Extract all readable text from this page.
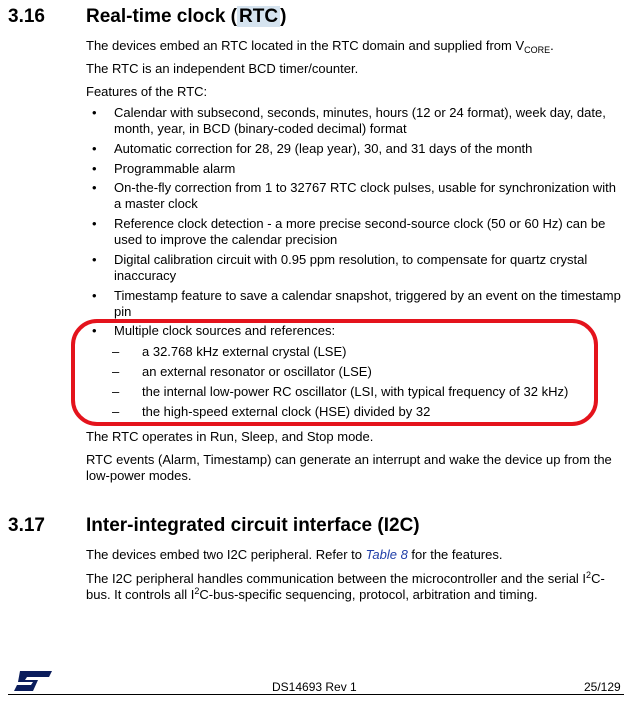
3.16 Real-time clock ( RTC )
The devices embed an RTC located in the RTC domain and supplied from $V_{CORE}$.
The RTC is an independent BCD timer/counter.
Features of the RTC:
• Calendar with subsecond, seconds, minutes, hours (12 or 24 format), week day, date, month, year, in BCD (binary-coded decimal) format
• Automatic correction for 28, 29 (leap year), 30, and 31 days of the month
• Programmable alarm
• On-the-fly correction from 1 to 32767 RTC clock pulses, usable for synchronization with a master clock
• Reference clock detection - a more precise second-source clock (50 or 60 Hz) can be used to improve the calendar precision
• Digital calibration circuit with 0.95 ppm resolution, to compensate for quartz crystal inaccuracy
• Timestamp feature to save a calendar snapshot, triggered by an event on the timestamp pin
• Multiple clock sources and references:
– a 32.768 kHz external crystal (LSE)
– an external resonator or oscillator (LSE)
– the internal low-power RC oscillator (LSI, with typical frequency of 32 kHz)
– the high-speed external clock (HSE) divided by 32
The RTC operates in Run, Sleep, and Stop mode.
RTC events (Alarm, Timestamp) can generate an interrupt and wake the device up from the low-power modes.
3.17 Inter-integrated circuit interface (I2C)
The devices embed two I2C peripheral. Refer to Table 8 for the features.
The I2C peripheral handles communication between the microcontroller and the serial $I^2C$-bus. It controls all $I^2C-bus$-specific sequencing, protocol, arbitration and timing.
DS14693 Rev 1	25/129
